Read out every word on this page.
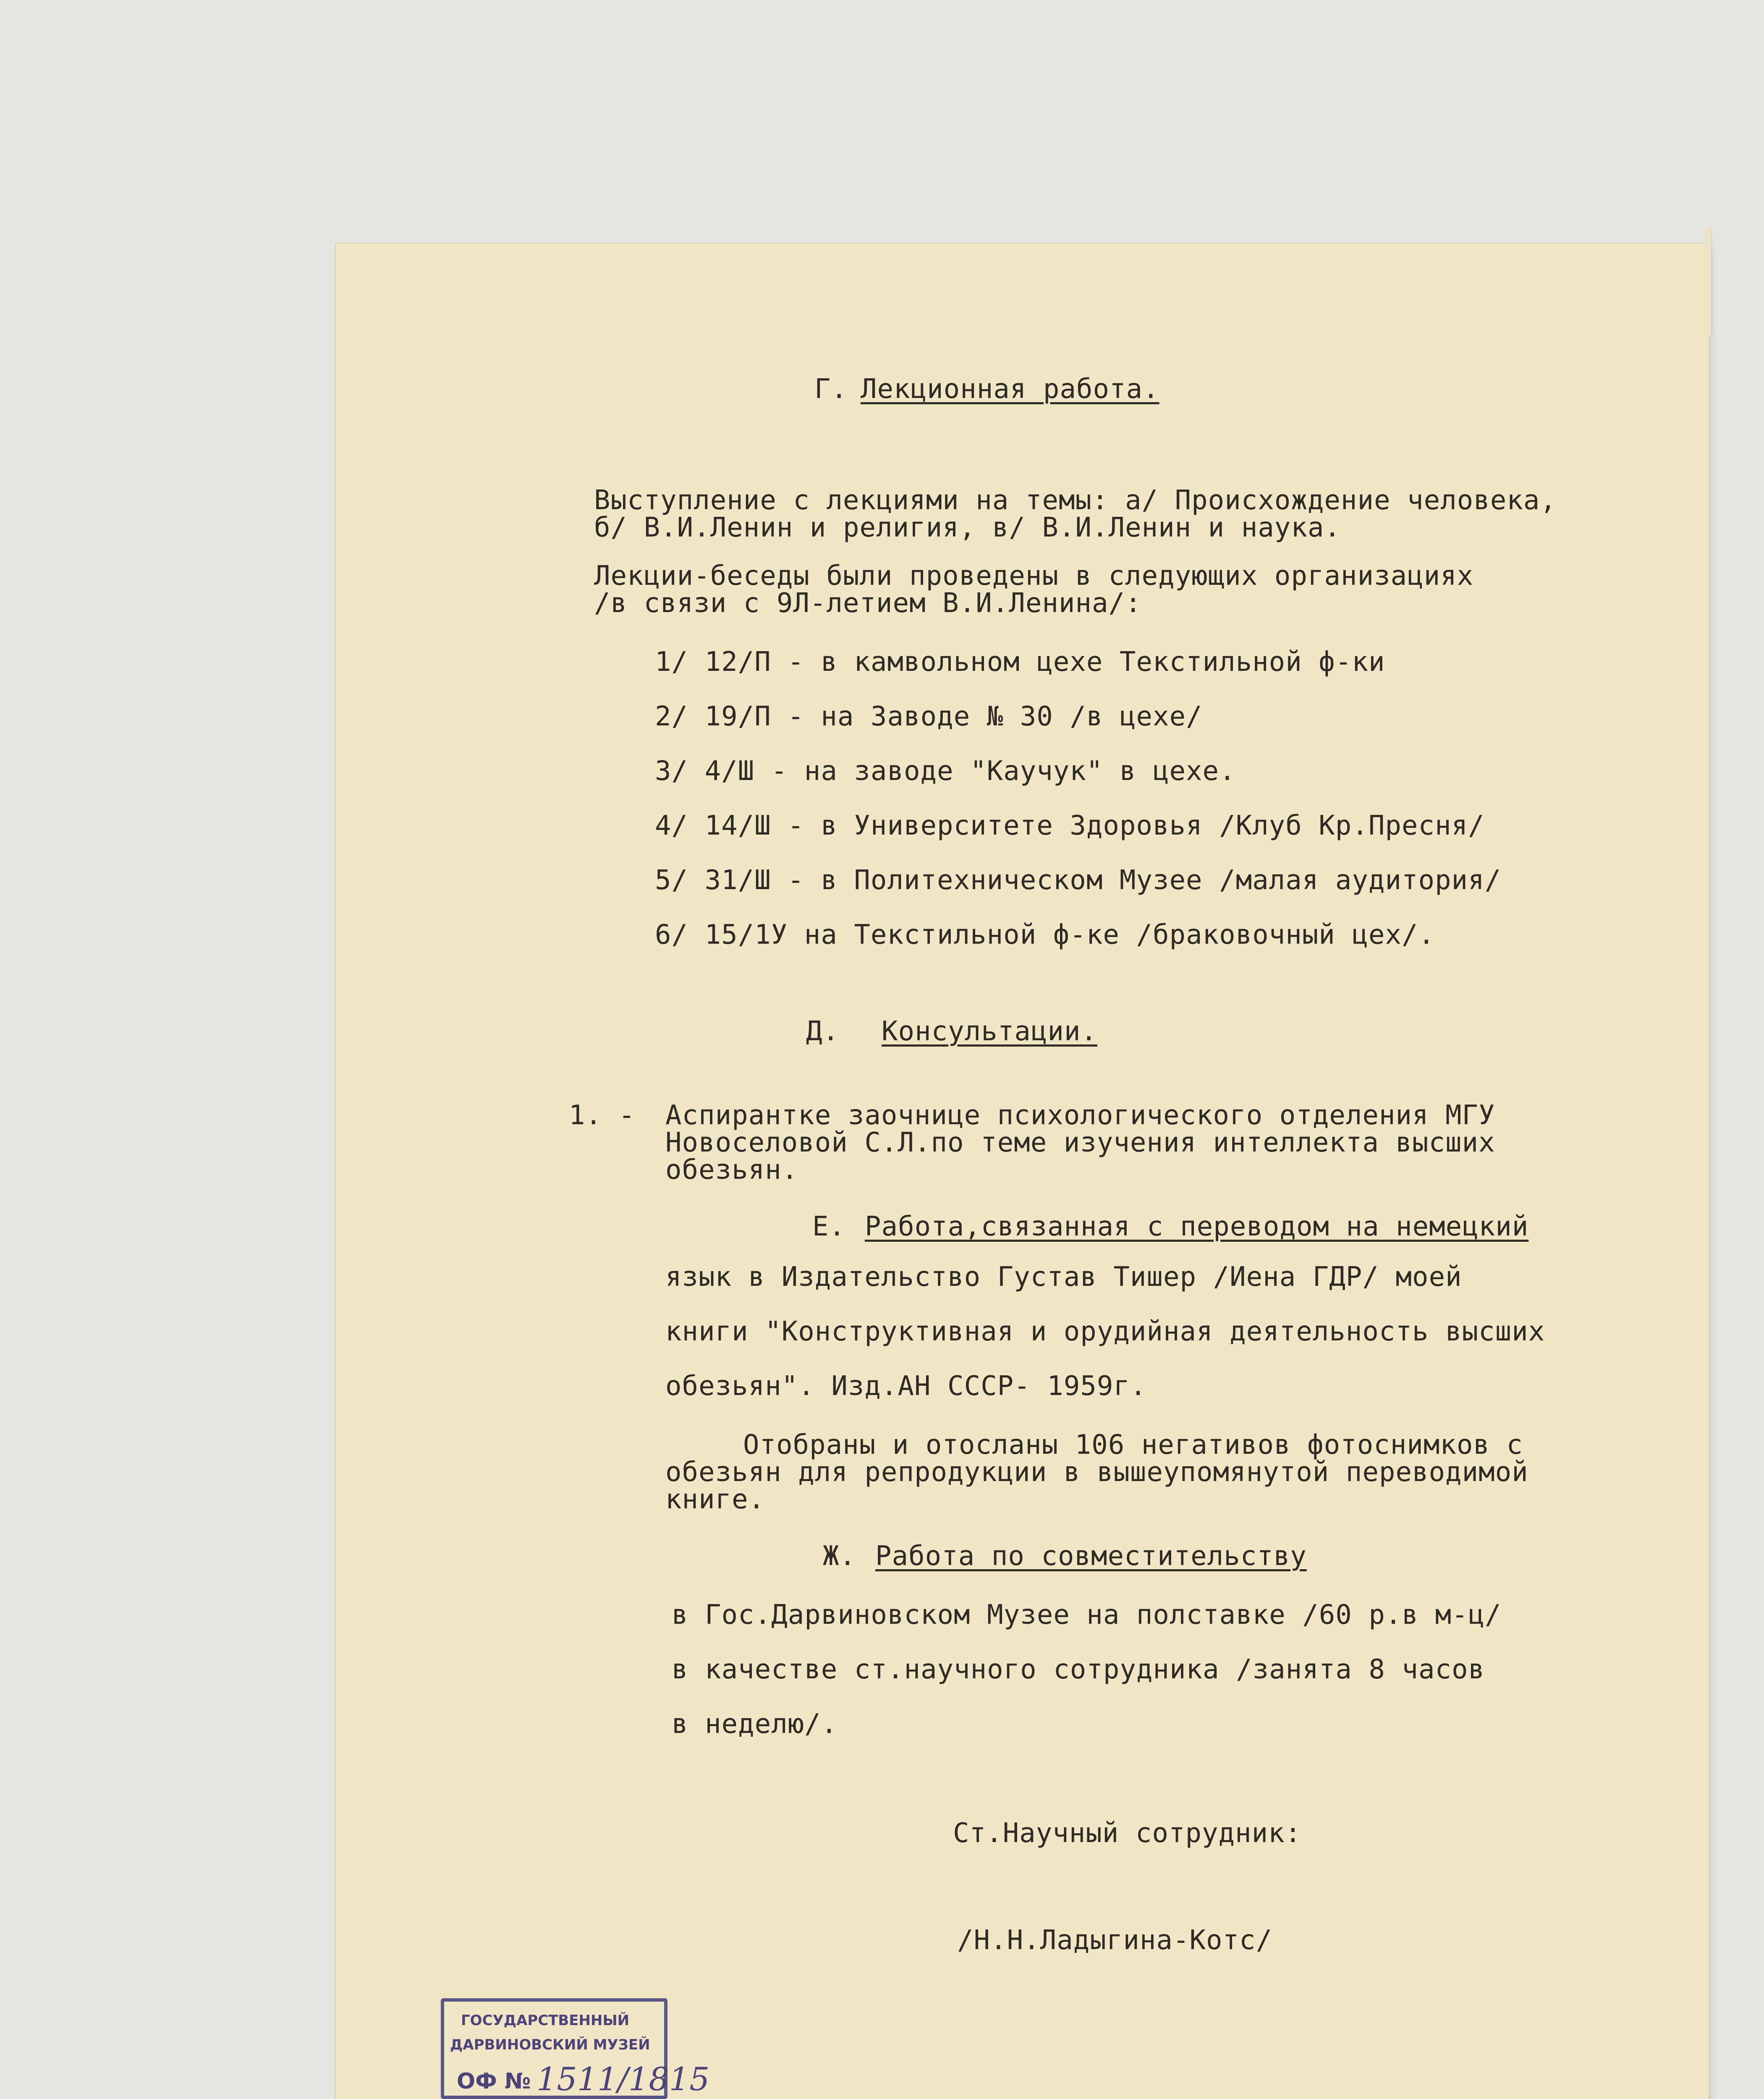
Г. Лекционная работа.
Выступление с лекциями на темы: а/ Происхождение человека,
б/ В.И.Ленин и религия, в/ В.И.Ленин и наука.
Лекции-беседы были проведены в следующих организациях
/в связи с 9Л-летием В.И.Ленина/:
1/ 12/П - в камвольном цехе Текстильной ф-ки
2/ 19/П - на Заводе № 30 /в цехе/
3/ 4/Ш - на заводе "Каучук" в цехе.
4/ 14/Ш - в Университете Здоровья /Клуб Кр.Пресня/
5/ 31/Ш - в Политехническом Музее /малая аудитория/
6/ 15/1У на Текстильной ф-ке /браковочный цех/.
Д. Консультации.
1. - Аспирантке заочнице психологического отделения МГУ
Новоселовой С.Л.по теме изучения интеллекта высших
обезьян.
Е. Работа,связанная с переводом на немецкий
язык в Издательство Густав Тишер /Иена ГДР/ моей
книги "Конструктивная и орудийная деятельность высших
обезьян". Изд.АН СССР- 1959г.
Отобраны и отосланы 106 негативов фотоснимков с
обезьян для репродукции в вышеупомянутой переводимой
книге.
Ж. Работа по совместительству
в Гос.Дарвиновском Музее на полставке /60 р.в м-ц/
в качестве ст.научного сотрудника /занята 8 часов
в неделю/.
Ст.Научный сотрудник:
/Н.Н.Ладыгина-Котс/
ГОСУДАРСТВЕННЫЙ
ДАРВИНОВСКИЙ МУЗЕЙ
ОФ № 1511/1815
